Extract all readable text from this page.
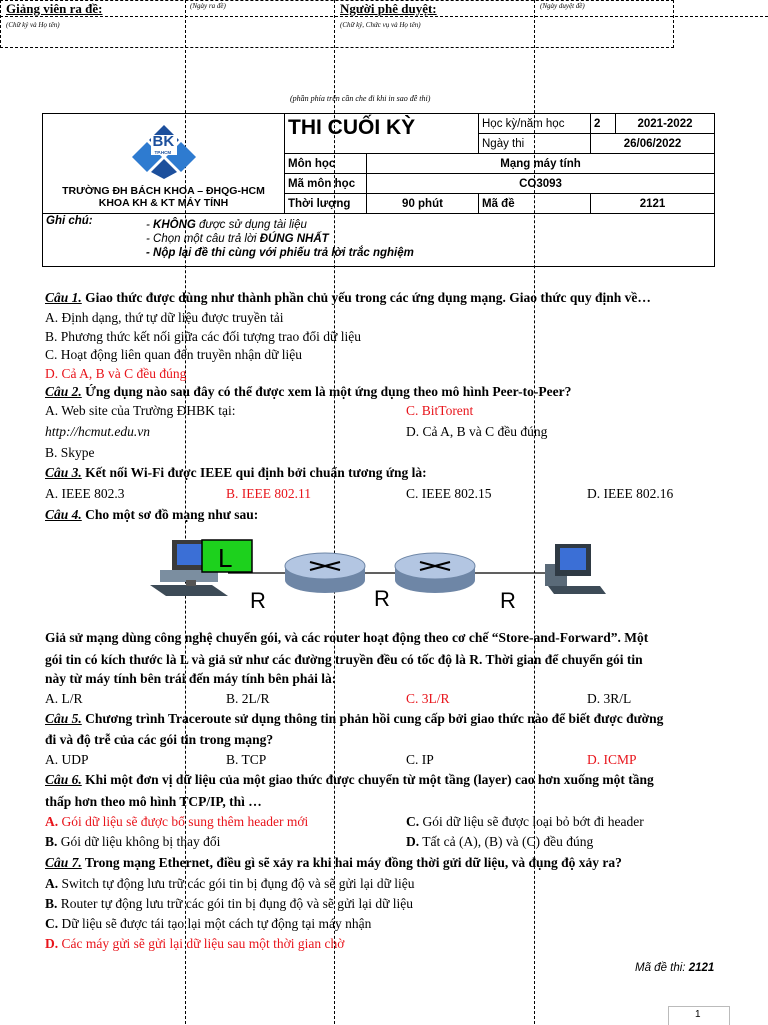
Giảng viên ra đề:	(Ngày ra đề)
(Chữ ký và Họ tên)
Người phê duyệt:	(Ngày duyệt đề)
(Chữ ký, Chức vụ và Họ tên)
(phần phía trên cần che đi khi in sao đề thi)
BK
TP.HCM
TRƯỜNG ĐH BÁCH KHOA – ĐHQG-HCM
KHOA KH & KT MÁY TÍNH	THI CUỐI KỲ		Học kỳ/năm học	2	2021-2022
			Ngày thi	26/06/2022	
	Môn học	Mạng máy tính			
	Mã môn học	CO3093			
	Thời lượng	90 phút	Mã đề	2121	
Ghi chú: - KHÔNG được sử dụng tài liệu
- Chọn một câu trả lời ĐÚNG NHẤT
- Nộp lại đề thi cùng với phiếu trả lời trắc nghiệm					
Câu 1. Giao thức được dùng như thành phần chủ yếu trong các ứng dụng mạng. Giao thức quy định về…
A. Định dạng, thứ tự dữ liệu được truyền tải
B. Phương thức kết nối giữa các đối tượng trao đổi dữ liệu
C. Hoạt động liên quan đến truyền nhận dữ liệu
D. Cả A, B và C đều đúng
Câu 2. Ứng dụng nào sau đây có thể được xem là một ứng dụng theo mô hình Peer-to-Peer?
A. Web site của Trường ĐHBK tại:
http://hcmut.edu.vn
B. Skype
C. BitTorent
D. Cả A, B và C đều đúng
Câu 3. Kết nối Wi-Fi được IEEE qui định bởi chuẩn tương ứng là:
A. IEEE 802.3	B. IEEE 802.11	C. IEEE 802.15	D. IEEE 802.16
Câu 4. Cho một sơ đồ mạng như sau:
L
R	R	R
Giả sử mạng dùng công nghệ chuyển gói, và các router hoạt động theo cơ chế “Store-and-Forward”. Một
gói tin có kích thước là L và giả sử như các đường truyền đều có tốc độ là R. Thời gian để chuyển gói tin
này từ máy tính bên trái đến máy tính bên phải là:
A. L/R	B. 2L/R	C. 3L/R	D. 3R/L
Câu 5. Chương trình Traceroute sử dụng thông tin phản hồi cung cấp bởi giao thức nào để biết được đường
đi và độ trễ của các gói tin trong mạng?
A. UDP	B. TCP	C. IP	D. ICMP
Câu 6. Khi một đơn vị dữ liệu của một giao thức được chuyển từ một tầng (layer) cao hơn xuống một tầng
thấp hơn theo mô hình TCP/IP, thì …
A. Gói dữ liệu sẽ được bổ sung thêm header mới
B. Gói dữ liệu không bị thay đổi
C. Gói dữ liệu sẽ được loại bỏ bớt đi header
D. Tất cả (A), (B) và (C) đều đúng
Câu 7. Trong mạng Ethernet, điều gì sẽ xảy ra khi hai máy đồng thời gửi dữ liệu, và đụng độ xảy ra?
A. Switch tự động lưu trữ các gói tin bị đụng độ và sẽ gửi lại dữ liệu
B. Router tự động lưu trữ các gói tin bị đụng độ và sẽ gửi lại dữ liệu
C. Dữ liệu sẽ được tái tạo lại một cách tự động tại máy nhận
D. Các máy gửi sẽ gửi lại dữ liệu sau một thời gian chờ
Mã đề thi: 2121
1
